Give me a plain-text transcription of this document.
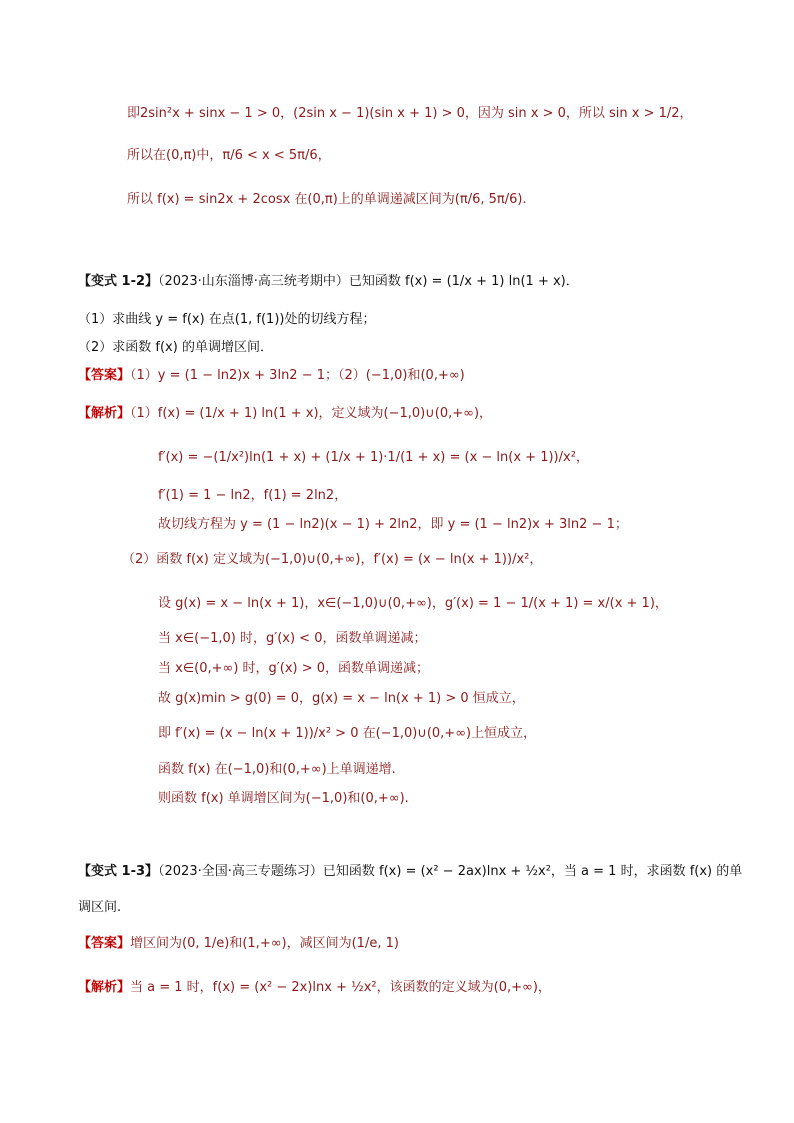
即2sin²x + sinx − 1 > 0，(2sin x − 1)(sin x + 1) > 0，因为 sin x > 0，所以 sin x > 1/2，
所以在(0,π)中，π/6 < x < 5π/6，
所以 f(x) = sin2x + 2cosx 在(0,π)上的单调递减区间为(π/6, 5π/6).
【变式 1-2】（2023·山东淄博·高三统考期中）已知函数 f(x) = (1/x + 1) ln(1 + x)．
（1）求曲线 y = f(x) 在点(1, f(1))处的切线方程；
（2）求函数 f(x) 的单调增区间．
【答案】（1）y = (1 − ln2)x + 3ln2 − 1；（2）(−1,0)和(0,+∞)
【解析】（1）f(x) = (1/x + 1) ln(1 + x)，定义域为(−1,0)∪(0,+∞)，
f′(x) = −(1/x²)ln(1 + x) + (1/x + 1)·1/(1 + x) = (x − ln(x + 1))/x²，
f′(1) = 1 − ln2，f(1) = 2ln2，
故切线方程为 y = (1 − ln2)(x − 1) + 2ln2，即 y = (1 − ln2)x + 3ln2 − 1；
（2）函数 f(x) 定义域为(−1,0)∪(0,+∞)，f′(x) = (x − ln(x + 1))/x²，
设 g(x) = x − ln(x + 1)，x∈(−1,0)∪(0,+∞)，g′(x) = 1 − 1/(x + 1) = x/(x + 1)，
当 x∈(−1,0) 时，g′(x) < 0，函数单调递减；
当 x∈(0,+∞) 时，g′(x) > 0，函数单调递减；
故 g(x)min > g(0) = 0，g(x) = x − ln(x + 1) > 0 恒成立，
即 f′(x) = (x − ln(x + 1))/x² > 0 在(−1,0)∪(0,+∞)上恒成立，
函数 f(x) 在(−1,0)和(0,+∞)上单调递增.
则函数 f(x) 单调增区间为(−1,0)和(0,+∞).
【变式 1-3】（2023·全国·高三专题练习）已知函数 f(x) = (x² − 2ax)lnx + ½x²，当 a = 1 时，求函数 f(x) 的单
调区间.
【答案】增区间为(0, 1/e)和(1,+∞)，减区间为(1/e, 1)
【解析】当 a = 1 时，f(x) = (x² − 2x)lnx + ½x²，该函数的定义域为(0,+∞)，
